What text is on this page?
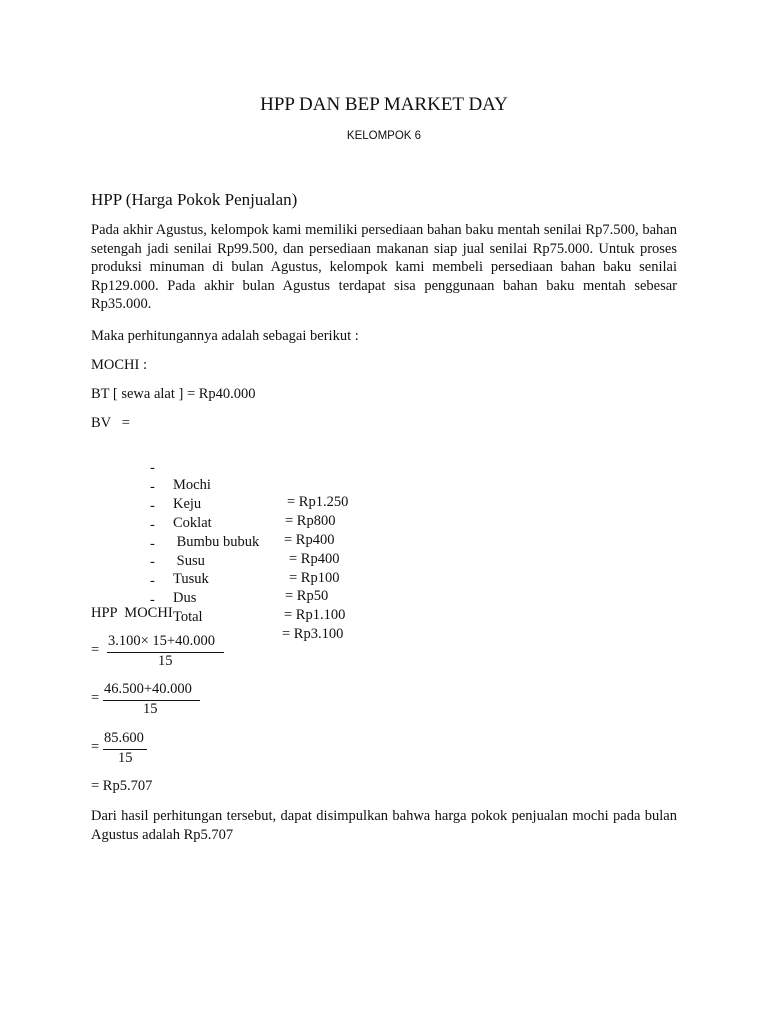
HPP DAN BEP MARKET DAY
KELOMPOK 6
HPP (Harga Pokok Penjualan)
Pada akhir Agustus, kelompok kami memiliki persediaan bahan baku mentah senilai Rp7.500, bahan setengah jadi senilai Rp99.500, dan persediaan makanan siap jual senilai Rp75.000. Untuk proses produksi minuman di bulan Agustus, kelompok kami membeli persediaan bahan baku senilai Rp129.000. Pada akhir bulan Agustus terdapat sisa penggunaan bahan baku mentah sebesar Rp35.000.
Maka perhitungannya adalah sebagai berikut :
MOCHI :
BT [ sewa alat ] = Rp40.000
BV   =

-

Mochi

= Rp1.250

-

Keju

= Rp800

-

Coklat

= Rp400

-

Bumbu bubuk

= Rp400

-

Susu

= Rp100

-

Tusuk

= Rp50

-

Dus

= Rp1.100

-

Total

= Rp3.100

HPP  MOCHI
=
3.100× 15+40.000
15
=
46.500+40.000
15
=
85.600
15
= Rp5.707
Dari hasil perhitungan tersebut, dapat disimpulkan bahwa harga pokok penjualan mochi pada bulan Agustus adalah Rp5.707
